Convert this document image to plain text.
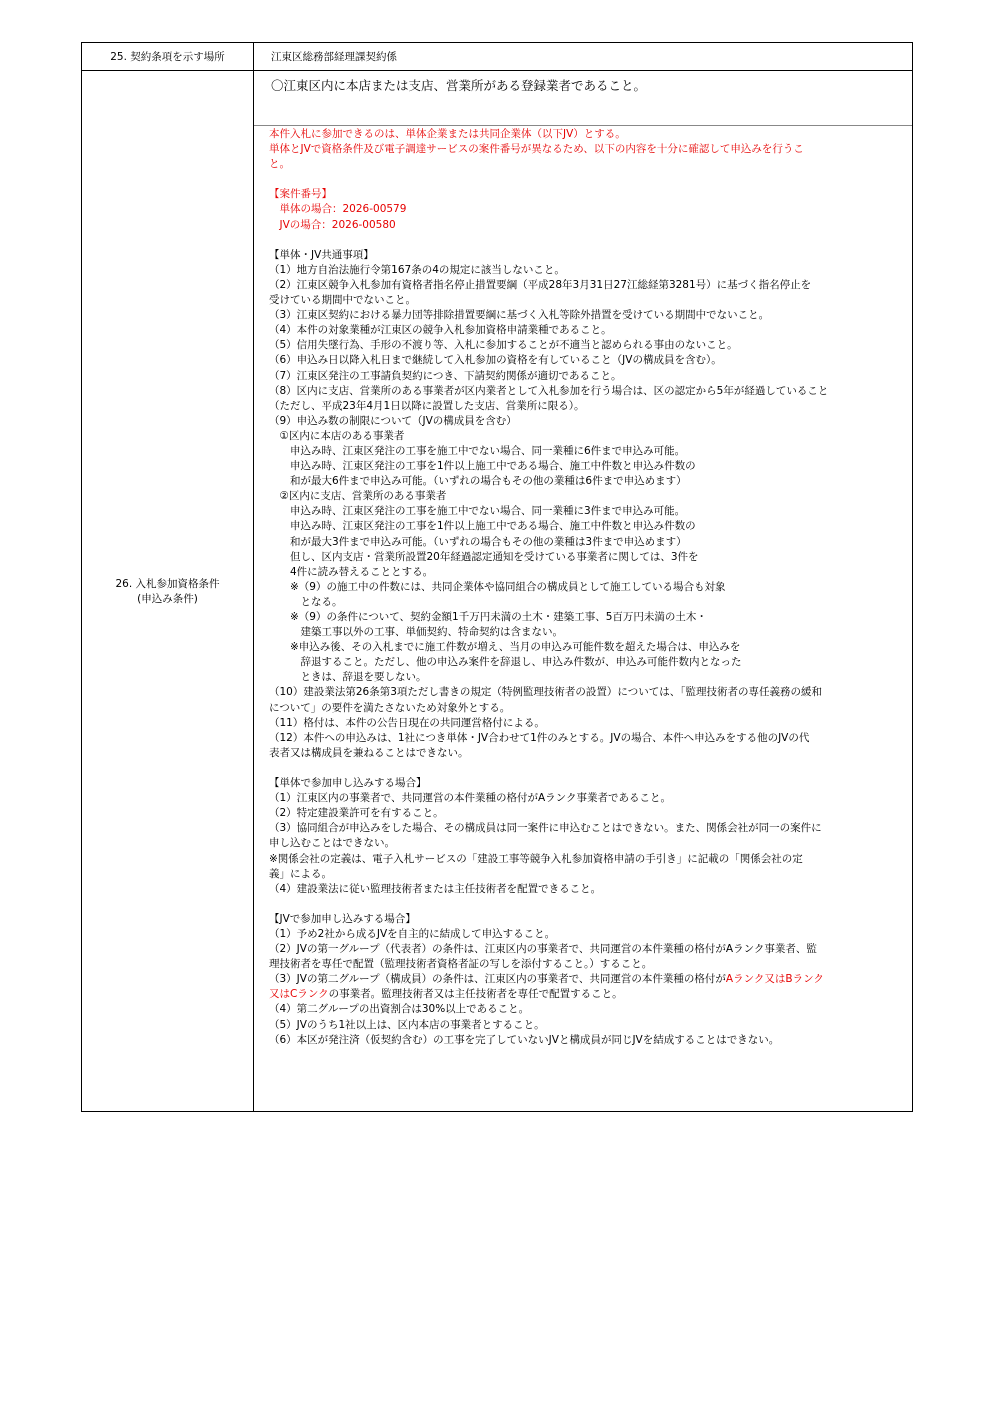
25. 契約条項を示す場所	江東区総務部経理課契約係
26. 入札参加資格条件
(申込み条件)
〇江東区内に本店または支店、営業所がある登録業者であること。
本件入札に参加できるのは、単体企業または共同企業体（以下JV）とする。
単体とJVで資格条件及び電子調達サービスの案件番号が異なるため、以下の内容を十分に確認して申込みを行うこ
と。
【案件番号】
　単体の場合：2026-00579
　JVの場合：2026-00580
【単体・JV共通事項】
（1）地方自治法施行令第167条の4の規定に該当しないこと。
（2）江東区競争入札参加有資格者指名停止措置要綱（平成28年3月31日27江総経第3281号）に基づく指名停止を
受けている期間中でないこと。
（3）江東区契約における暴力団等排除措置要綱に基づく入札等除外措置を受けている期間中でないこと。
（4）本件の対象業種が江東区の競争入札参加資格申請業種であること。
（5）信用失墜行為、手形の不渡り等、入札に参加することが不適当と認められる事由のないこと。
（6）申込み日以降入札日まで継続して入札参加の資格を有していること（JVの構成員を含む）。
（7）江東区発注の工事請負契約につき、下請契約関係が適切であること。
（8）区内に支店、営業所のある事業者が区内業者として入札参加を行う場合は、区の認定から5年が経過していること
（ただし、平成23年4月1日以降に設置した支店、営業所に限る）。
（9）申込み数の制限について（JVの構成員を含む）
　①区内に本店のある事業者
　　申込み時、江東区発注の工事を施工中でない場合、同一業種に6件まで申込み可能。
　　申込み時、江東区発注の工事を1件以上施工中である場合、施工中件数と申込み件数の
　　和が最大6件まで申込み可能。（いずれの場合もその他の業種は6件まで申込めます）
　②区内に支店、営業所のある事業者
　　申込み時、江東区発注の工事を施工中でない場合、同一業種に3件まで申込み可能。
　　申込み時、江東区発注の工事を1件以上施工中である場合、施工中件数と申込み件数の
　　和が最大3件まで申込み可能。（いずれの場合もその他の業種は3件まで申込めます）
　　但し、区内支店・営業所設置20年経過認定通知を受けている事業者に関しては、3件を
　　4件に読み替えることとする。
　　※（9）の施工中の件数には、共同企業体や協同組合の構成員として施工している場合も対象
　　　となる。
　　※（9）の条件について、契約金額1千万円未満の土木・建築工事、5百万円未満の土木・
　　　建築工事以外の工事、単価契約、特命契約は含まない。
　　※申込み後、その入札までに施工件数が増え、当月の申込み可能件数を超えた場合は、申込みを
　　　辞退すること。ただし、他の申込み案件を辞退し、申込み件数が、申込み可能件数内となった
　　　ときは、辞退を要しない。
（10）建設業法第26条第3項ただし書きの規定（特例監理技術者の設置）については、「監理技術者の専任義務の緩和
について」の要件を満たさないため対象外とする。
（11）格付は、本件の公告日現在の共同運営格付による。
（12）本件への申込みは、1社につき単体・JV合わせて1件のみとする。JVの場合、本件へ申込みをする他のJVの代
表者又は構成員を兼ねることはできない。
【単体で参加申し込みする場合】
（1）江東区内の事業者で、共同運営の本件業種の格付がAランク事業者であること。
（2）特定建設業許可を有すること。
（3）協同組合が申込みをした場合、その構成員は同一案件に申込むことはできない。また、関係会社が同一の案件に
申し込むことはできない。
※関係会社の定義は、電子入札サービスの「建設工事等競争入札参加資格申請の手引き」に記載の「関係会社の定
義」による。
（4）建設業法に従い監理技術者または主任技術者を配置できること。
【JVで参加申し込みする場合】
（1）予め2社から成るJVを自主的に結成して申込すること。
（2）JVの第一グループ（代表者）の条件は、江東区内の事業者で、共同運営の本件業種の格付がAランク事業者、監
理技術者を専任で配置（監理技術者資格者証の写しを添付すること。）すること。
（3）JVの第二グループ（構成員）の条件は、江東区内の事業者で、共同運営の本件業種の格付がAランク又はBランク
又はCランクの事業者。監理技術者又は主任技術者を専任で配置すること。
（4）第二グループの出資割合は30%以上であること。
（5）JVのうち1社以上は、区内本店の事業者とすること。
（6）本区が発注済（仮契約含む）の工事を完了していないJVと構成員が同じJVを結成することはできない。
